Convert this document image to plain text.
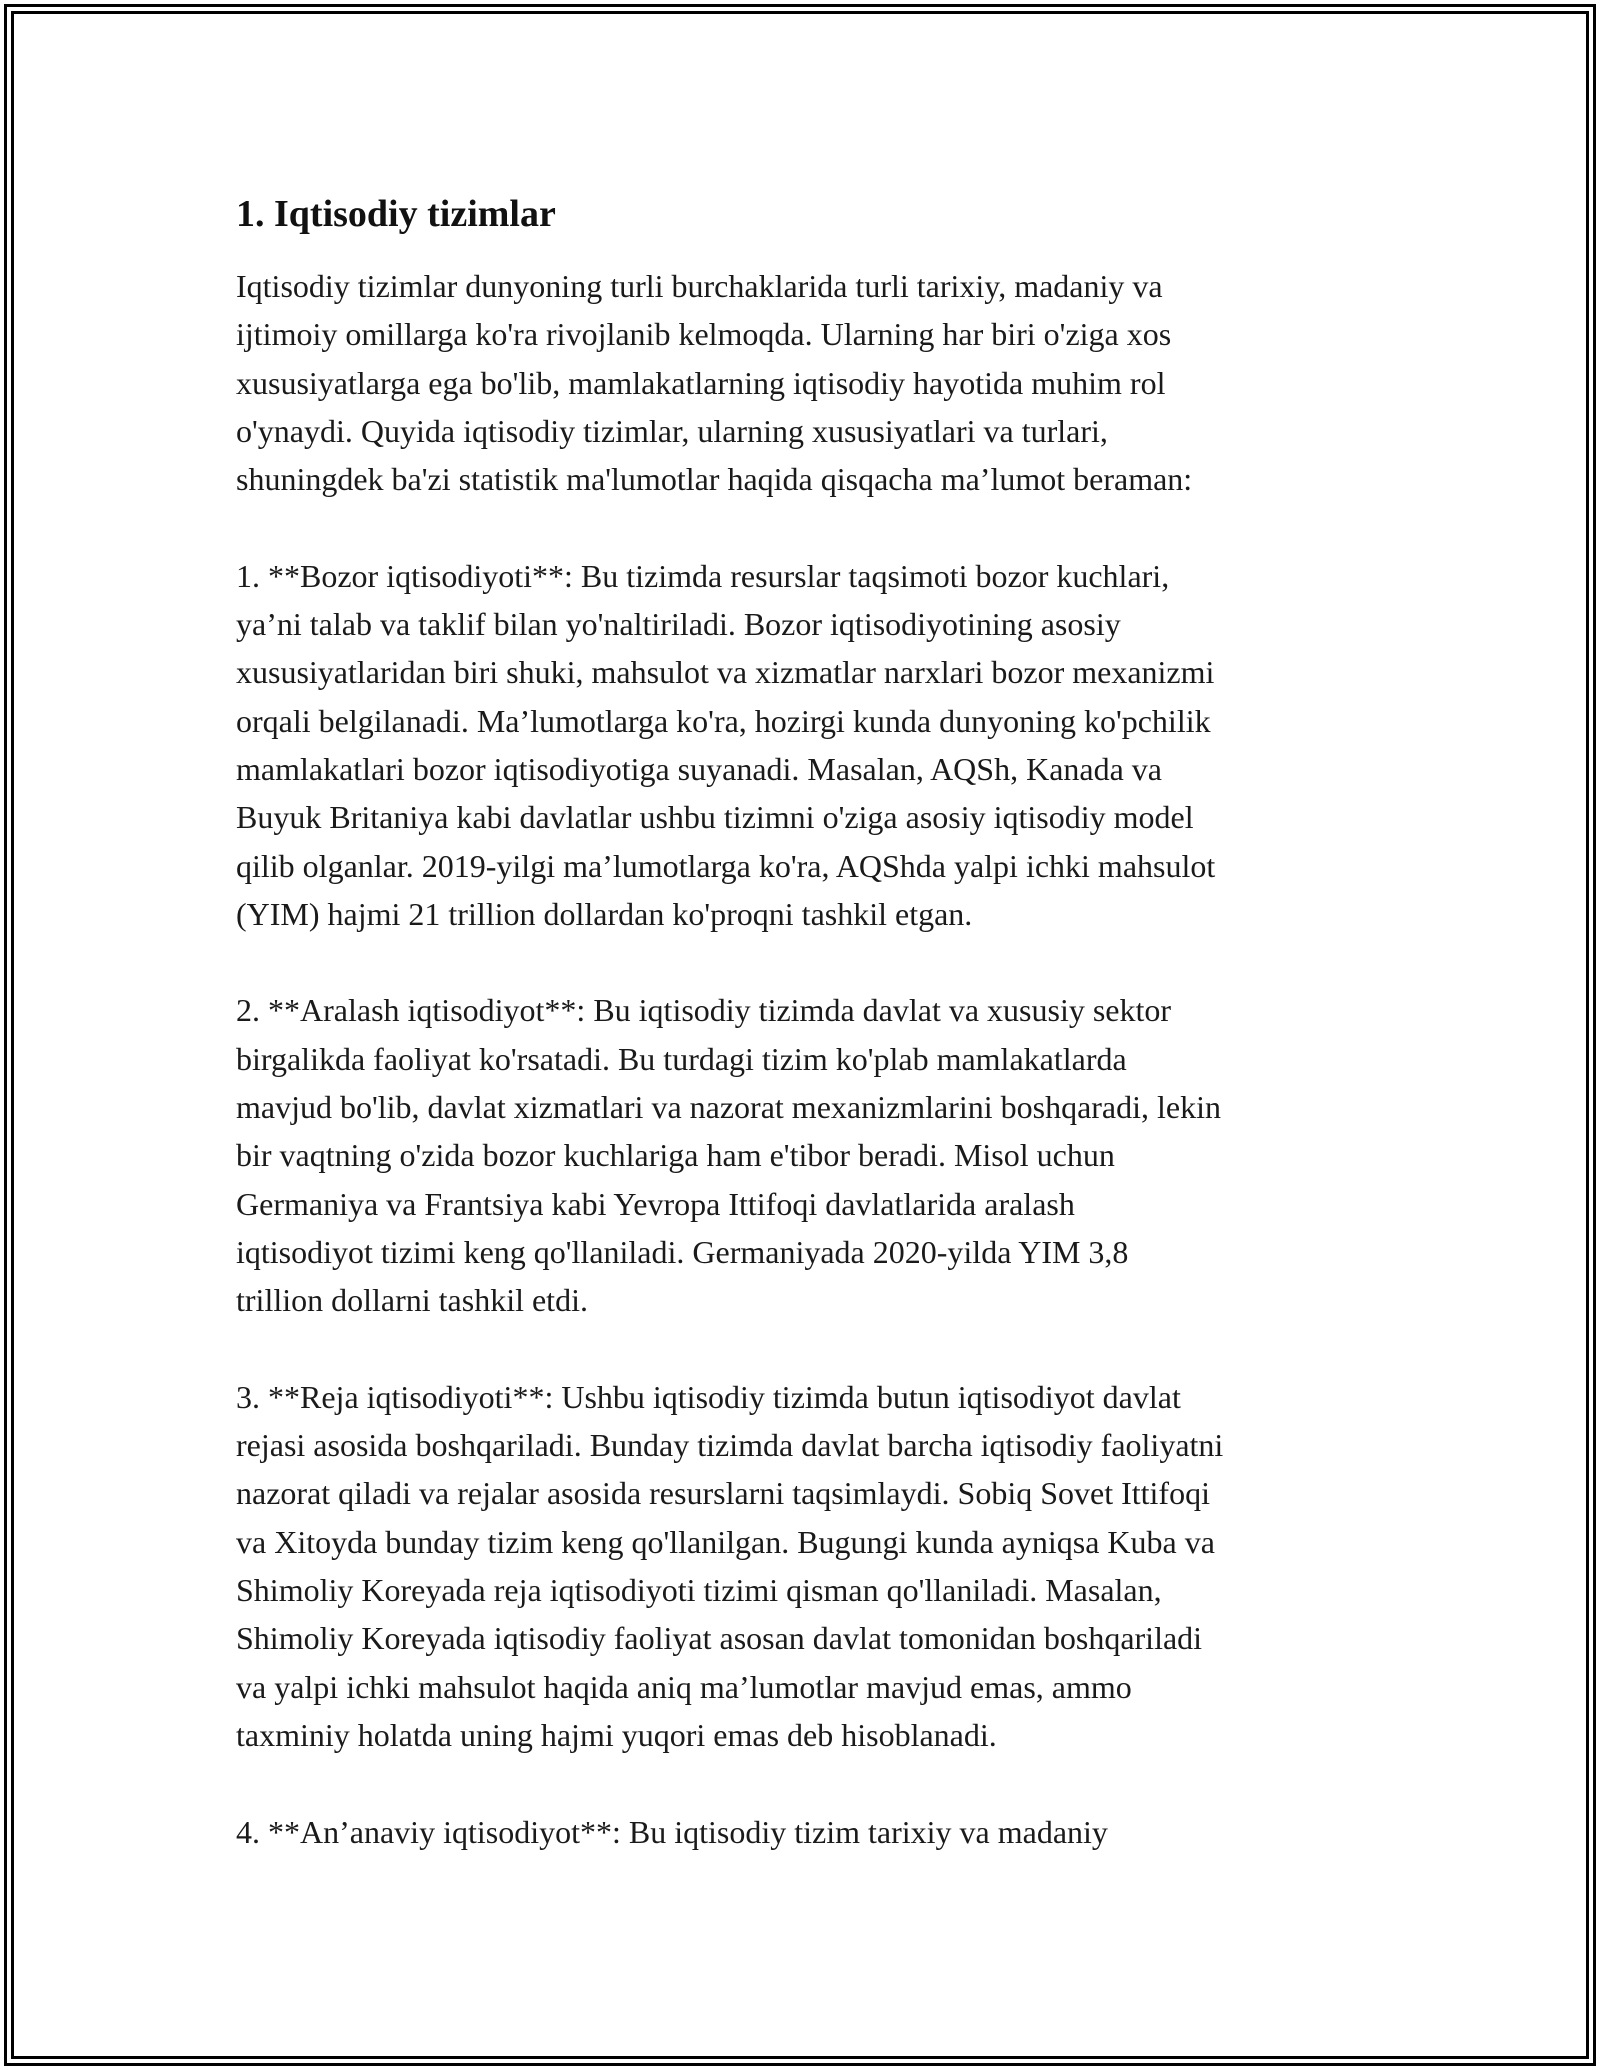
1. Iqtisodiy tizimlar
Iqtisodiy tizimlar dunyoning turli burchaklarida turli tarixiy, madaniy va
ijtimoiy omillarga ko'ra rivojlanib kelmoqda. Ularning har biri o'ziga xos
xususiyatlarga ega bo'lib, mamlakatlarning iqtisodiy hayotida muhim rol
o'ynaydi. Quyida iqtisodiy tizimlar, ularning xususiyatlari va turlari,
shuningdek ba'zi statistik ma'lumotlar haqida qisqacha ma’lumot beraman:
1. **Bozor iqtisodiyoti**: Bu tizimda resurslar taqsimoti bozor kuchlari,
ya’ni talab va taklif bilan yo'naltiriladi. Bozor iqtisodiyotining asosiy
xususiyatlaridan biri shuki, mahsulot va xizmatlar narxlari bozor mexanizmi
orqali belgilanadi. Ma’lumotlarga ko'ra, hozirgi kunda dunyoning ko'pchilik
mamlakatlari bozor iqtisodiyotiga suyanadi. Masalan, AQSh, Kanada va
Buyuk Britaniya kabi davlatlar ushbu tizimni o'ziga asosiy iqtisodiy model
qilib olganlar. 2019-yilgi ma’lumotlarga ko'ra, AQShda yalpi ichki mahsulot
(YIM) hajmi 21 trillion dollardan ko'proqni tashkil etgan.
2. **Aralash iqtisodiyot**: Bu iqtisodiy tizimda davlat va xususiy sektor
birgalikda faoliyat ko'rsatadi. Bu turdagi tizim ko'plab mamlakatlarda
mavjud bo'lib, davlat xizmatlari va nazorat mexanizmlarini boshqaradi, lekin
bir vaqtning o'zida bozor kuchlariga ham e'tibor beradi. Misol uchun
Germaniya va Frantsiya kabi Yevropa Ittifoqi davlatlarida aralash
iqtisodiyot tizimi keng qo'llaniladi. Germaniyada 2020-yilda YIM 3,8
trillion dollarni tashkil etdi.
3. **Reja iqtisodiyoti**: Ushbu iqtisodiy tizimda butun iqtisodiyot davlat
rejasi asosida boshqariladi. Bunday tizimda davlat barcha iqtisodiy faoliyatni
nazorat qiladi va rejalar asosida resurslarni taqsimlaydi. Sobiq Sovet Ittifoqi
va Xitoyda bunday tizim keng qo'llanilgan. Bugungi kunda ayniqsa Kuba va
Shimoliy Koreyada reja iqtisodiyoti tizimi qisman qo'llaniladi. Masalan,
Shimoliy Koreyada iqtisodiy faoliyat asosan davlat tomonidan boshqariladi
va yalpi ichki mahsulot haqida aniq ma’lumotlar mavjud emas, ammo
taxminiy holatda uning hajmi yuqori emas deb hisoblanadi.
4. **An’anaviy iqtisodiyot**: Bu iqtisodiy tizim tarixiy va madaniy
